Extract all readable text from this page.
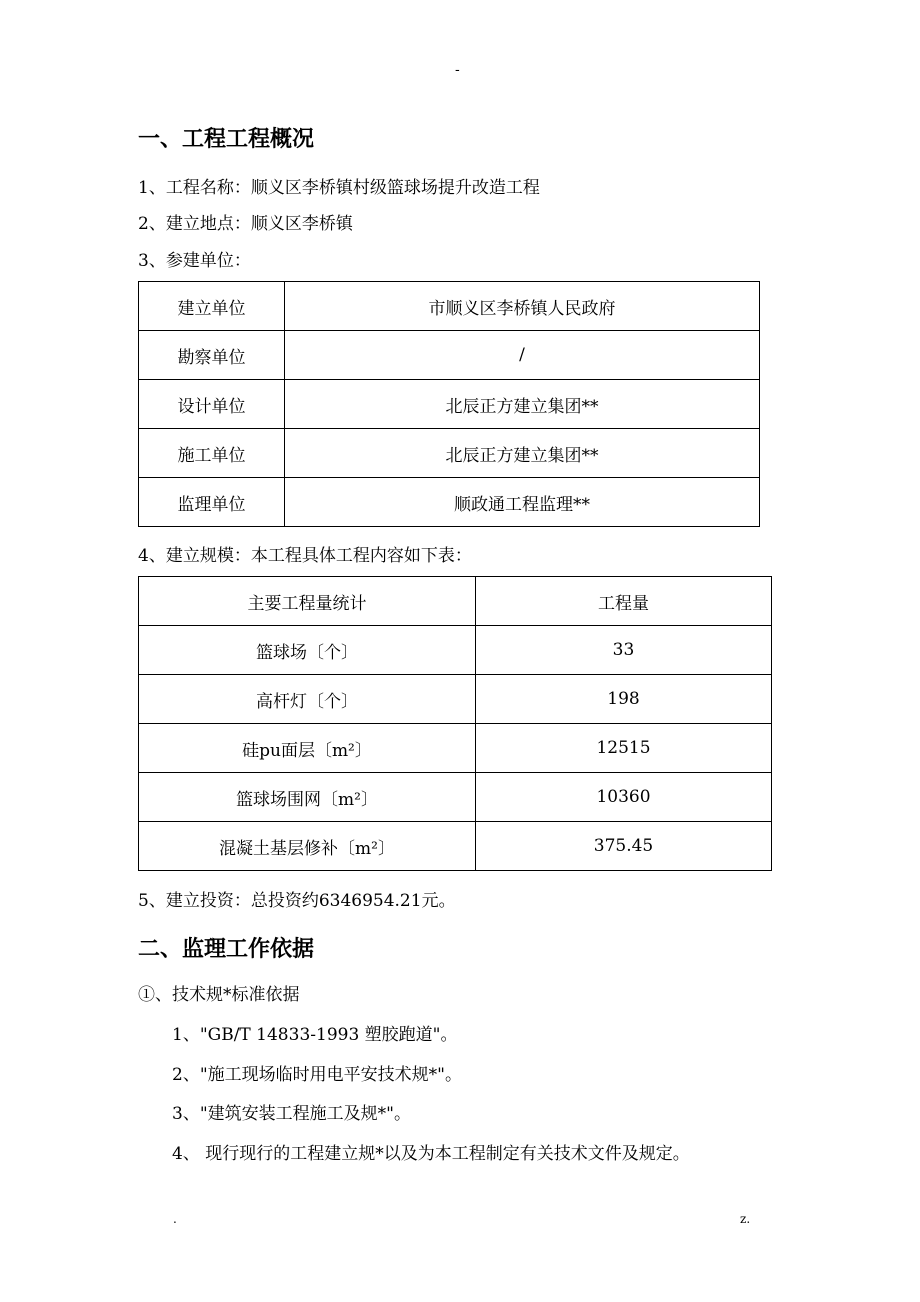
-
一、工程工程概况
1、工程名称：顺义区李桥镇村级篮球场提升改造工程
2、建立地点：顺义区李桥镇
3、参建单位：
建立单位	市顺义区李桥镇人民政府
勘察单位	/
设计单位	北辰正方建立集团**
施工单位	北辰正方建立集团**
监理单位	顺政通工程监理**
4、建立规模：本工程具体工程内容如下表：
主要工程量统计	工程量
篮球场〔个〕	33
高杆灯〔个〕	198
硅pu面层〔m²〕	12515
篮球场围网〔m²〕	10360
混凝土基层修补〔m²〕	375.45
5、建立投资：总投资约6346954.21元。
二、监理工作依据
①、技术规*标准依据
1、"GB/T 14833-1993 塑胶跑道"。
2、"施工现场临时用电平安技术规*"。
3、"建筑安装工程施工及规*"。
4、 现行现行的工程建立规*以及为本工程制定有关技术文件及规定。
.	z.
